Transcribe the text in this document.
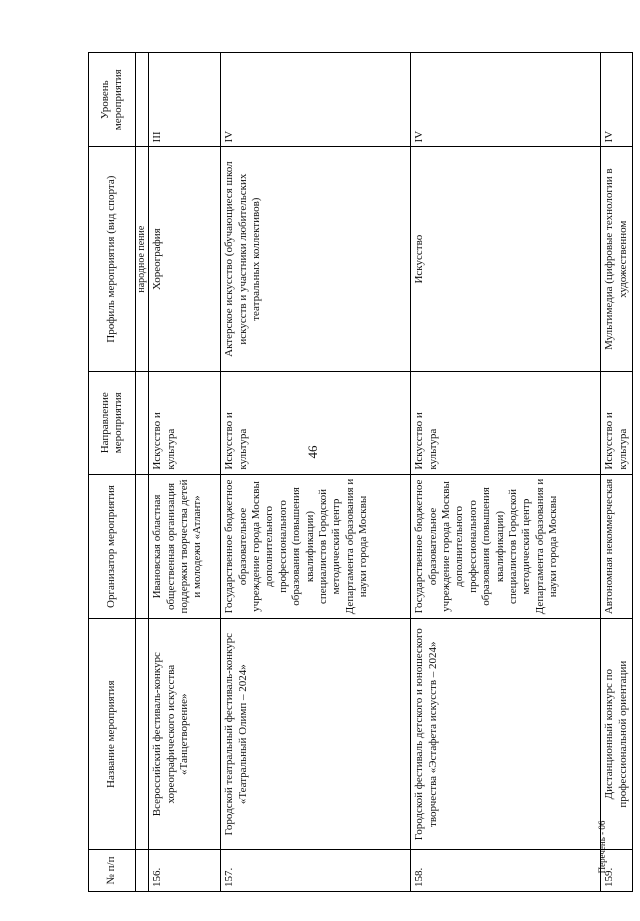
46
Перечень - 06
№ п/п	Название мероприятия	Организатор мероприятия	Направление мероприятия	Профиль мероприятия (вид спорта)	Уровень мероприятия
				народное пение	
156.	Всероссийский фестиваль-конкурс хореографического искусства «Танцетворение»	Ивановская областная общественная организация поддержки творчества детей и молодежи «Атлант»	Искусство и культура	Хореография	III
157.	Городской театральный фестиваль-конкурс «Театральный Олимп – 2024»	Государственное бюджетное образовательное учреждение города Москвы дополнительного профессионального образования (повышения квалификации) специалистов Городской методический центр Департамента образования и науки города Москвы	Искусство и культура	Актерское искусство (обучающиеся школ искусств и участники любительских театральных коллективов)	IV
158.	Городской фестиваль детского и юношеского творчества «Эстафета искусств – 2024»	Государственное бюджетное образовательное учреждение города Москвы дополнительного профессионального образования (повышения квалификации) специалистов Городской методический центр Департамента образования и науки города Москвы	Искусство и культура	Искусство	IV
159.	Дистанционный конкурс по профессиональной ориентации	Автономная некоммерческая	Искусство и культура	Мультимедиа (цифровые технологии в художественном	IV
